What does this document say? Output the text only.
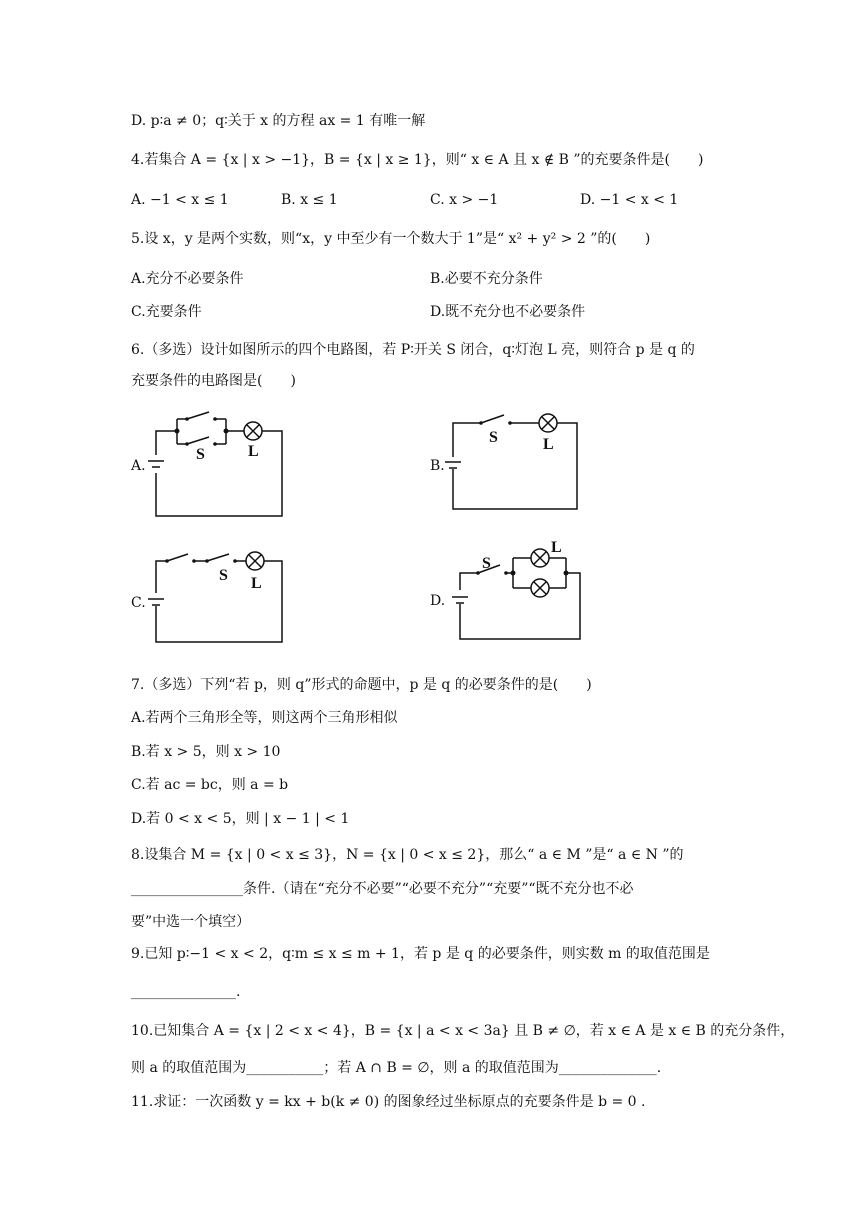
D. p∶a ≠ 0；q∶关于 x 的方程 ax = 1 有唯一解
4.若集合 A = {x | x > −1}，B = {x | x ≥ 1}，则“ x ∈ A 且 x ∉ B ”的充要条件是(　　)
A. −1 < x ≤ 1	B. x ≤ 1	C. x > −1	D. −1 < x < 1
5.设 x，y 是两个实数，则“x，y 中至少有一个数大于 1”是“ x² + y² > 2 ”的(　　)
A.充分不必要条件	B.必要不充分条件
C.充要条件	D.既不充分也不必要条件
6.（多选）设计如图所示的四个电路图，若 P∶开关 S 闭合，q∶灯泡 L 亮，则符合 p 是 q 的
充要条件的电路图是(　　)
A.
S	L
B.
S	L
C.
S L
D.
S
L
7.（多选）下列“若 p，则 q”形式的命题中，p 是 q 的必要条件的是(　　)
A.若两个三角形全等，则这两个三角形相似
B.若 x > 5，则 x > 10
C.若 ac = bc，则 a = b
D.若 0 < x < 5，则 | x − 1 | < 1
8.设集合 M = {x | 0 < x ≤ 3}，N = {x | 0 < x ≤ 2}，那么“ a ∈ M ”是“ a ∈ N ”的
________________条件.（请在“充分不必要”“必要不充分”“充要”“既不充分也不必
要”中选一个填空）
9.已知 p∶−1 < x < 2，q∶m ≤ x ≤ m + 1，若 p 是 q 的必要条件，则实数 m 的取值范围是
_______________.
10.已知集合 A = {x | 2 < x < 4}，B = {x | a < x < 3a} 且 B ≠ ∅，若 x ∈ A 是 x ∈ B 的充分条件，
则 a 的取值范围为___________；若 A ∩ B = ∅，则 a 的取值范围为______________.
11.求证：一次函数 y = kx + b(k ≠ 0) 的图象经过坐标原点的充要条件是 b = 0 .
